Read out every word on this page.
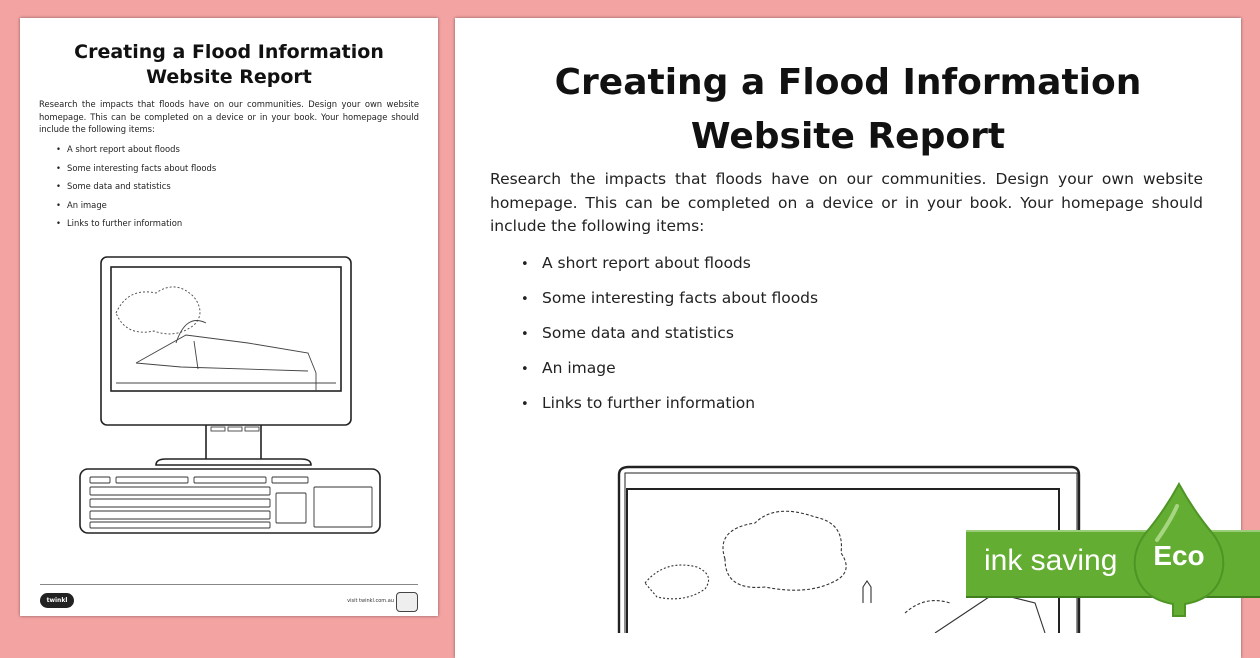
Creating a Flood Information
Website Report
Research the impacts that floods have on our communities. Design your own website homepage. This can be completed on a device or in your book. Your homepage should include the following items:
• A short report about floods
• Some interesting facts about floods
• Some data and statistics
• An image
• Links to further information
twinkl	visit twinkl.com.au
Creating a Flood Information
Website Report
Research the impacts that floods have on our communities. Design your own website homepage. This can be completed on a device or in your book. Your homepage should include the following items:
• A short report about floods
• Some interesting facts about floods
• Some data and statistics
• An image
• Links to further information
ink saving	Eco
